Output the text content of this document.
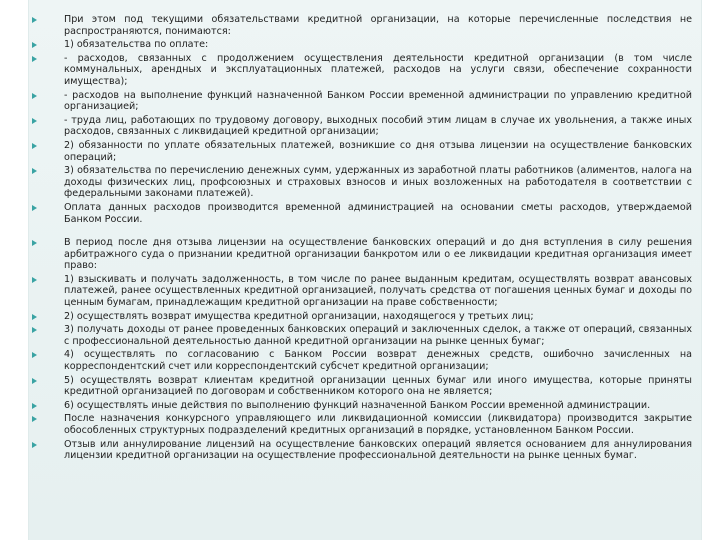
При этом под текущими обязательствами кредитной организации, на которые перечисленные последствия не распространяются, понимаются:
1) обязательства по оплате:
- расходов, связанных с продолжением осуществления деятельности кредитной организации (в том числе коммунальных, арендных и эксплуатационных платежей, расходов на услуги связи, обеспечение сохранности имущества);
- расходов на выполнение функций назначенной Банком России временной администрации по управлению кредитной организацией;
- труда лиц, работающих по трудовому договору, выходных пособий этим лицам в случае их увольнения, а также иных расходов, связанных с ликвидацией кредитной организации;
2) обязанности по уплате обязательных платежей, возникшие со дня отзыва лицензии на осуществление банковских операций;
3) обязательства по перечислению денежных сумм, удержанных из заработной платы работников (алиментов, налога на доходы физических лиц, профсоюзных и страховых взносов и иных возложенных на работодателя в соответствии с федеральными законами платежей).
Оплата данных расходов производится временной администрацией на основании сметы расходов, утверждаемой Банком России.
В период после дня отзыва лицензии на осуществление банковских операций и до дня вступления в силу решения арбитражного суда о признании кредитной организации банкротом или о ее ликвидации кредитная организация имеет право:
1) взыскивать и получать задолженность, в том числе по ранее выданным кредитам, осуществлять возврат авансовых платежей, ранее осуществленных кредитной организацией, получать средства от погашения ценных бумаг и доходы по ценным бумагам, принадлежащим кредитной организации на праве собственности;
2) осуществлять возврат имущества кредитной организации, находящегося у третьих лиц;
3) получать доходы от ранее проведенных банковских операций и заключенных сделок, а также от операций, связанных с профессиональной деятельностью данной кредитной организации на рынке ценных бумаг;
4) осуществлять по согласованию с Банком России возврат денежных средств, ошибочно зачисленных на корреспондентский счет или корреспондентский субсчет кредитной организации;
5) осуществлять возврат клиентам кредитной организации ценных бумаг или иного имущества, которые приняты кредитной организацией по договорам и собственником которого она не является;
6) осуществлять иные действия по выполнению функций назначенной Банком России временной администрации.
После назначения конкурсного управляющего или ликвидационной комиссии (ликвидатора) производится закрытие обособленных структурных подразделений кредитных организаций в порядке, установленном Банком России.
Отзыв или аннулирование лицензий на осуществление банковских операций является основанием для аннулирования лицензии кредитной организации на осуществление профессиональной деятельности на рынке ценных бумаг.
